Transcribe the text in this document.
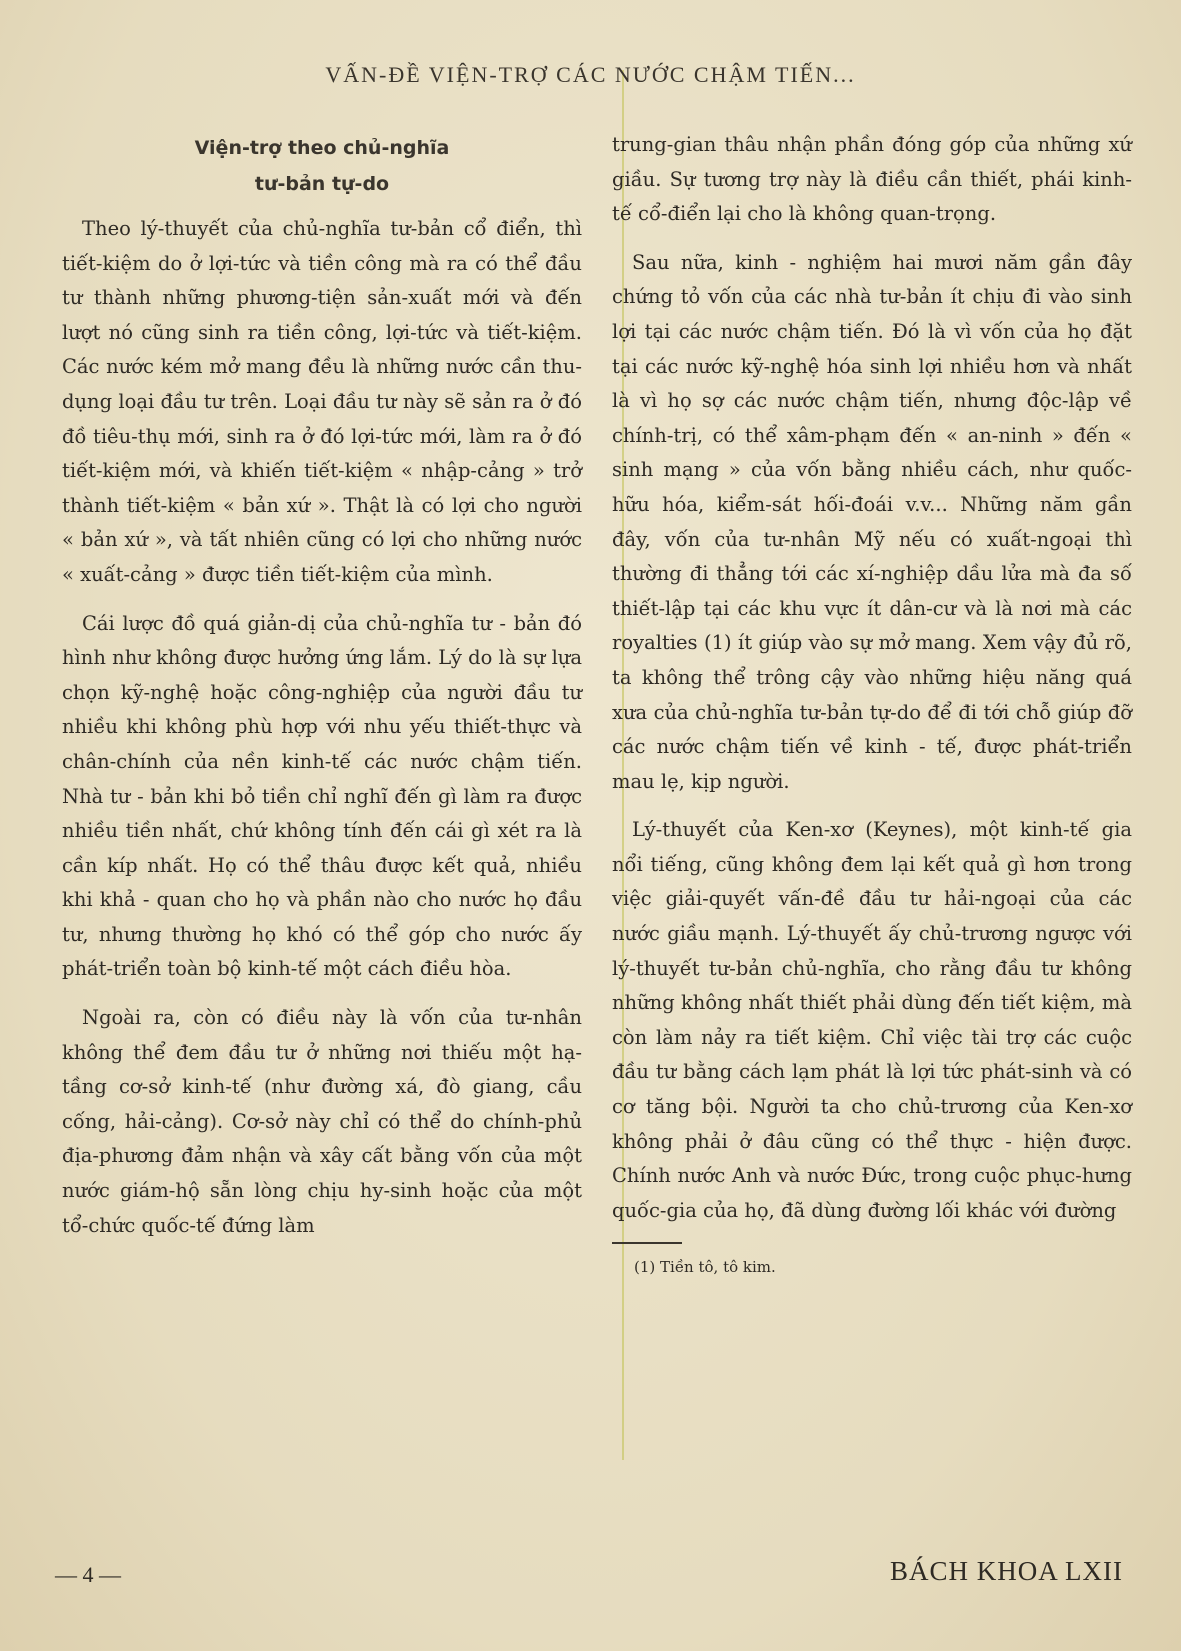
VẤN-ĐỀ VIỆN-TRỢ CÁC NƯỚC CHẬM TIẾN...
Viện-trợ theo chủ-nghĩa
tư-bản tự-do

Theo lý-thuyết của chủ-nghĩa tư-bản cổ điển, thì tiết-kiệm do ở lợi-tức và tiền công mà ra có thể đầu tư thành những phương-tiện sản-xuất mới và đến lượt nó cũng sinh ra tiền công, lợi-tức và tiết-kiệm. Các nước kém mở mang đều là những nước cần thu-dụng loại đầu tư trên. Loại đầu tư này sẽ sản ra ở đó đồ tiêu-thụ mới, sinh ra ở đó lợi-tức mới, làm ra ở đó tiết-kiệm mới, và khiến tiết-kiệm « nhập-cảng » trở thành tiết-kiệm « bản xứ ». Thật là có lợi cho người « bản xứ », và tất nhiên cũng có lợi cho những nước « xuất-cảng » được tiền tiết-kiệm của mình.

Cái lược đồ quá giản-dị của chủ-nghĩa tư - bản đó hình như không được hưởng ứng lắm. Lý do là sự lựa chọn kỹ-nghệ hoặc công-nghiệp của người đầu tư nhiều khi không phù hợp với nhu yếu thiết-thực và chân-chính của nền kinh-tế các nước chậm tiến. Nhà tư - bản khi bỏ tiền chỉ nghĩ đến gì làm ra được nhiều tiền nhất, chứ không tính đến cái gì xét ra là cần kíp nhất. Họ có thể thâu được kết quả, nhiều khi khả - quan cho họ và phần nào cho nước họ đầu tư, nhưng thường họ khó có thể góp cho nước ấy phát-triển toàn bộ kinh-tế một cách điều hòa.

Ngoài ra, còn có điều này là vốn của tư-nhân không thể đem đầu tư ở những nơi thiếu một hạ-tầng cơ-sở kinh-tế (như đường xá, đò giang, cầu cống, hải-cảng). Cơ-sở này chỉ có thể do chính-phủ địa-phương đảm nhận và xây cất bằng vốn của một nước giám-hộ sẵn lòng chịu hy-sinh hoặc của một tổ-chức quốc-tế đứng làm

trung-gian thâu nhận phần đóng góp của những xứ giầu. Sự tương trợ này là điều cần thiết, phái kinh-tế cổ-điển lại cho là không quan-trọng.

Sau nữa, kinh - nghiệm hai mươi năm gần đây chứng tỏ vốn của các nhà tư-bản ít chịu đi vào sinh lợi tại các nước chậm tiến. Đó là vì vốn của họ đặt tại các nước kỹ-nghệ hóa sinh lợi nhiều hơn và nhất là vì họ sợ các nước chậm tiến, nhưng độc-lập về chính-trị, có thể xâm-phạm đến « an-ninh » đến « sinh mạng » của vốn bằng nhiều cách, như quốc-hữu hóa, kiểm-sát hối-đoái v.v... Những năm gần đây, vốn của tư-nhân Mỹ nếu có xuất-ngoại thì thường đi thẳng tới các xí-nghiệp dầu lửa mà đa số thiết-lập tại các khu vực ít dân-cư và là nơi mà các royalties (1) ít giúp vào sự mở mang. Xem vậy đủ rõ, ta không thể trông cậy vào những hiệu năng quá xưa của chủ-nghĩa tư-bản tự-do để đi tới chỗ giúp đỡ các nước chậm tiến về kinh - tế, được phát-triển mau lẹ, kịp người.

Lý-thuyết của Ken-xơ (Keynes), một kinh-tế gia nổi tiếng, cũng không đem lại kết quả gì hơn trong việc giải-quyết vấn-đề đầu tư hải-ngoại của các nước giầu mạnh. Lý-thuyết ấy chủ-trương ngược với lý-thuyết tư-bản chủ-nghĩa, cho rằng đầu tư không những không nhất thiết phải dùng đến tiết kiệm, mà còn làm nảy ra tiết kiệm. Chỉ việc tài trợ các cuộc đầu tư bằng cách lạm phát là lợi tức phát-sinh và có cơ tăng bội. Người ta cho chủ-trương của Ken-xơ không phải ở đâu cũng có thể thực - hiện được. Chính nước Anh và nước Đức, trong cuộc phục-hưng quốc-gia của họ, đã dùng đường lối khác với đường

(1) Tiền tô, tô kim.
— 4 —	BÁCH KHOA LXII
